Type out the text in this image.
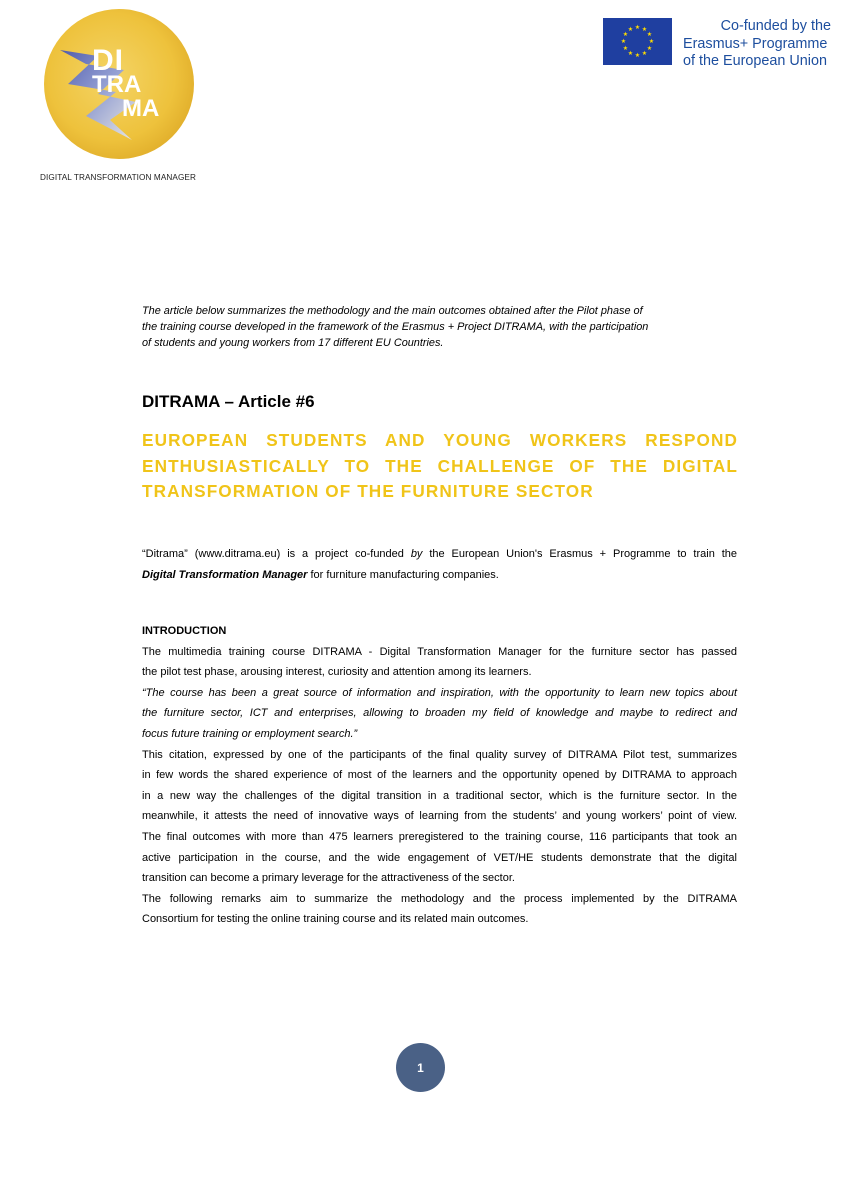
DI
TRA
MA
DIGITAL TRANSFORMATION MANAGER
★ ★
★
★
★
★
★
★
★
★
★
★	Co-funded by the
Erasmus+ Programme
of the European Union
The article below summarizes the methodology and the main outcomes obtained after the Pilot phase of
the training course developed in the framework of the Erasmus + Project DITRAMA, with the participation
of students and young workers from 17 different EU Countries.
DITRAMA – Article #6
EUROPEAN STUDENTS AND YOUNG WORKERS RESPOND
ENTHUSIASTICALLY TO THE CHALLENGE OF THE DIGITAL
TRANSFORMATION OF THE FURNITURE SECTOR
“Ditrama” (www.ditrama.eu) is a project co-funded by the European Union's Erasmus + Programme to train the
Digital Transformation Manager for furniture manufacturing companies.
INTRODUCTION
The multimedia training course DITRAMA - Digital Transformation Manager for the furniture sector has passed
the pilot test phase, arousing interest, curiosity and attention among its learners.
“The course has been a great source of information and inspiration, with the opportunity to learn new topics about
the furniture sector, ICT and enterprises, allowing to broaden my field of knowledge and maybe to redirect and
focus future training or employment search.”
This citation, expressed by one of the participants of the final quality survey of DITRAMA Pilot test, summarizes
in few words the shared experience of most of the learners and the opportunity opened by DITRAMA to approach
in a new way the challenges of the digital transition in a traditional sector, which is the furniture sector. In the
meanwhile, it attests the need of innovative ways of learning from the students’ and young workers’ point of view.
The final outcomes with more than 475 learners preregistered to the training course, 116 participants that took an
active participation in the course, and the wide engagement of VET/HE students demonstrate that the digital
transition can become a primary leverage for the attractiveness of the sector.
The following remarks aim to summarize the methodology and the process implemented by the DITRAMA
Consortium for testing the online training course and its related main outcomes.
1
